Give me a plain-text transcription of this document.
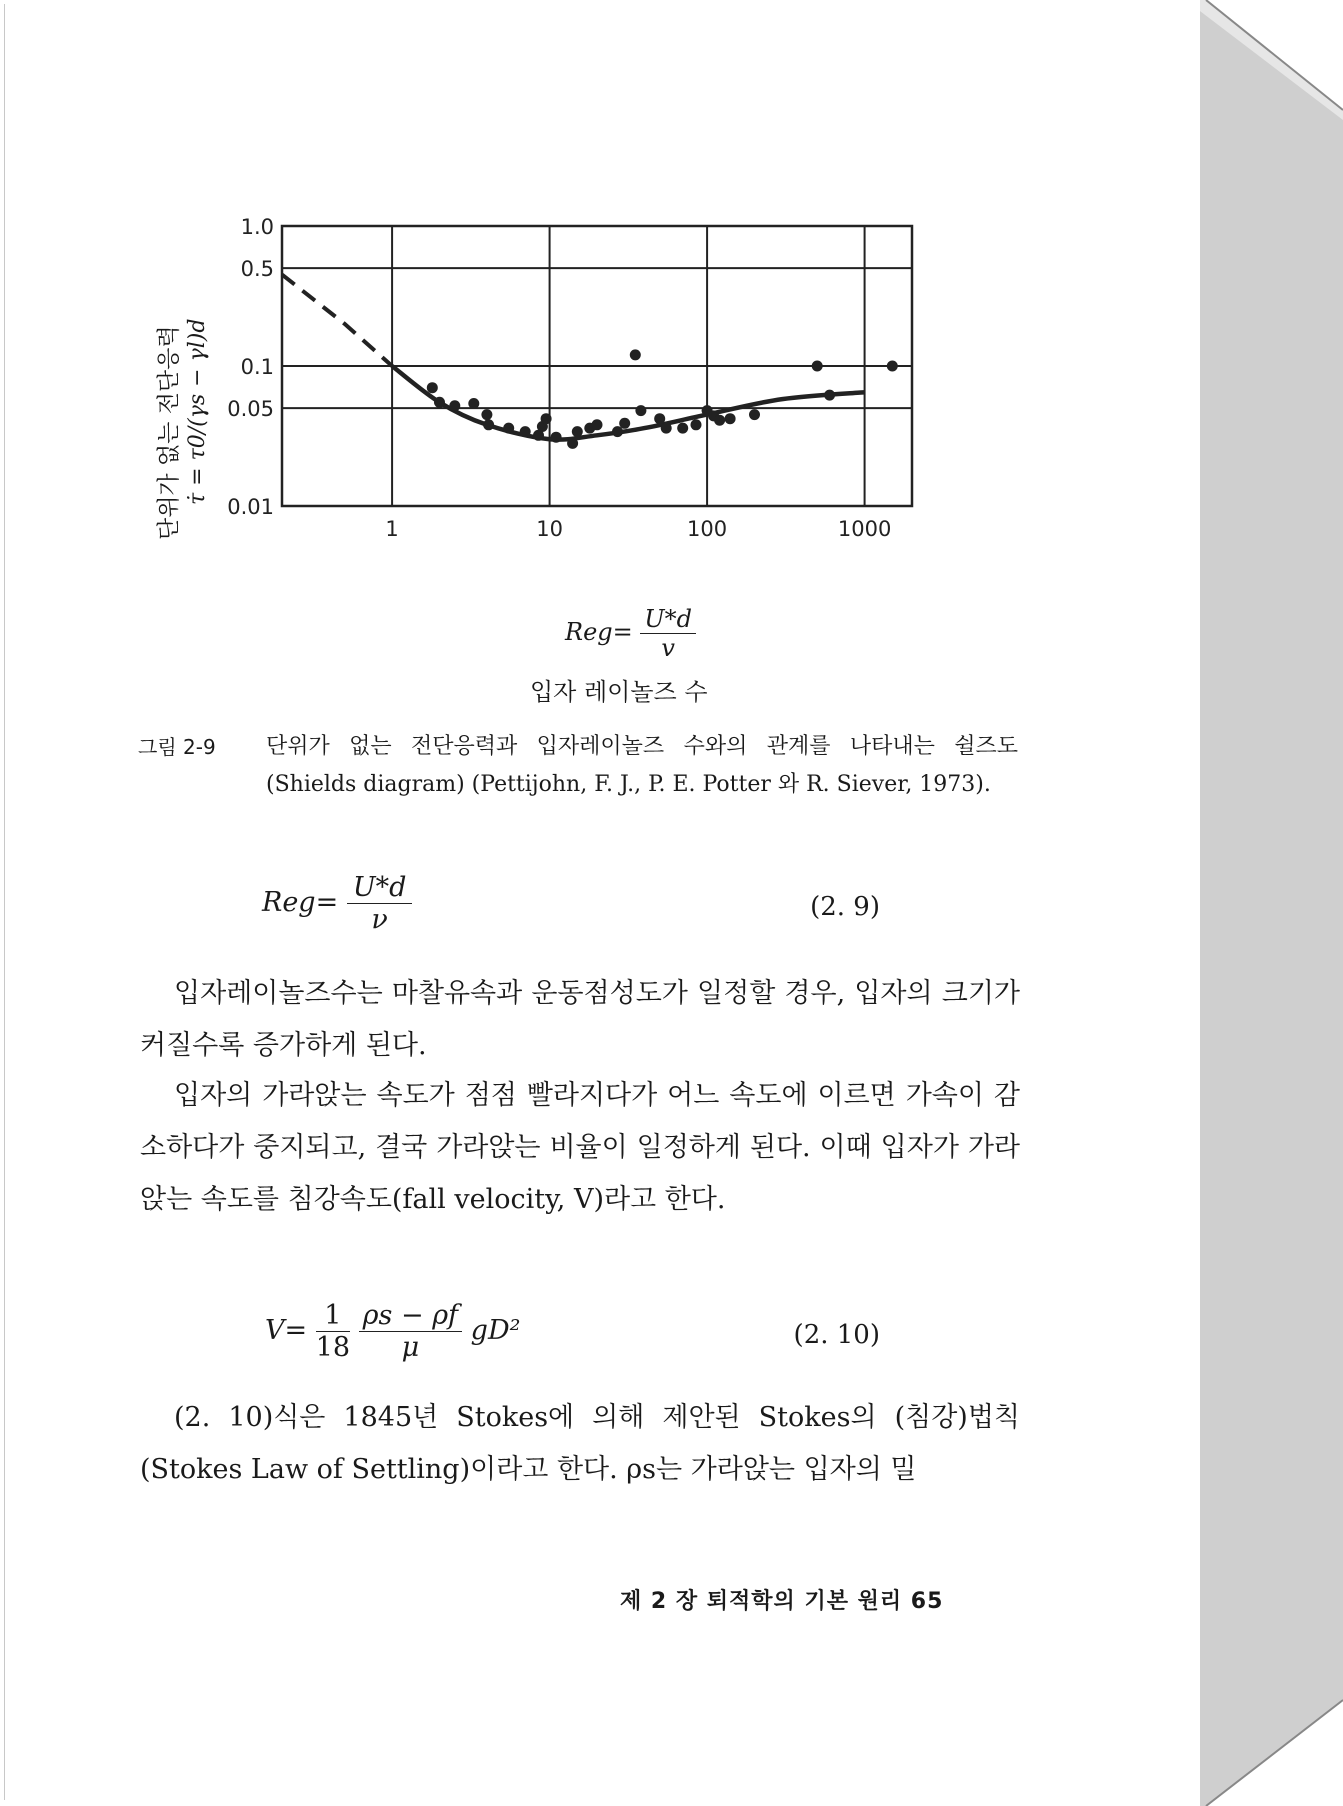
단위가 없는 전단응력 τ̇ = τ0/(γs − γl)d
1.0
0.5
0.1
0.05
0.01
1	10	100	1000
$Reg= \frac{U*d}{v}$
입자 레이놀즈 수
그림 2-9 단위가 없는 전단응력과 입자레이놀즈 수와의 관계를 나타내는 쉴즈도(Shields diagram) (Pettijohn, F. J., P. E. Potter 와 R. Siever, 1973).
$Reg= \frac{U*d}{\nu}$	(2. 9)
입자레이놀즈수는 마찰유속과 운동점성도가 일정할 경우, 입자의 크기가 커질수록 증가하게 된다.
입자의 가라앉는 속도가 점점 빨라지다가 어느 속도에 이르면 가속이 감소하다가 중지되고, 결국 가라앉는 비율이 일정하게 된다. 이때 입자가 가라앉는 속도를 침강속도(fall velocity, V)라고 한다.
$V= \frac{1}{18}$
$\frac{\rho s - \rho f}{\mu} gD^2$	(2. 10)
(2. 10)식은 1845년 Stokes에 의해 제안된 Stokes의 (침강)법칙(Stokes Law of Settling)이라고 한다. ρs는 가라앉는 입자의 밀
제 2 장 퇴적학의 기본 원리 65
